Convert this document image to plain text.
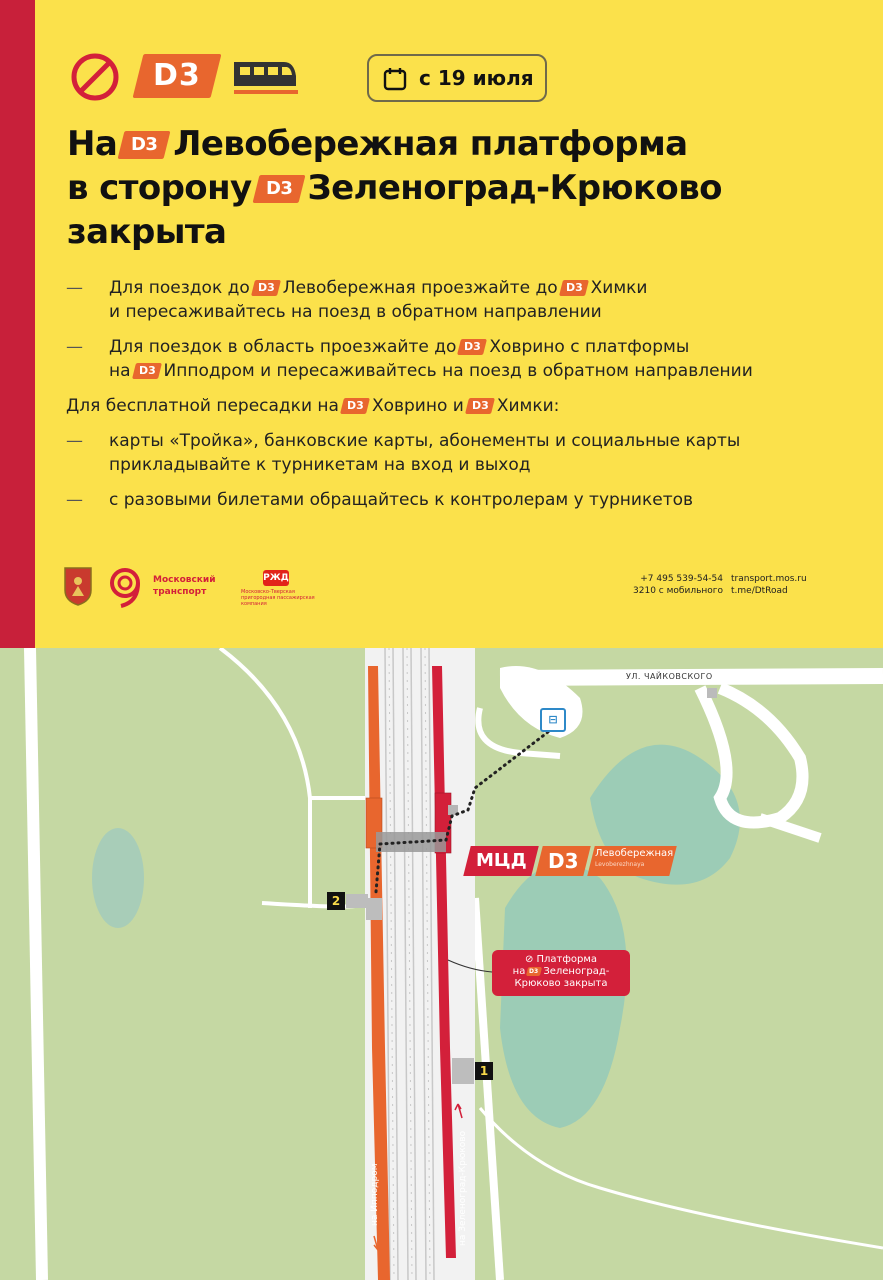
D3	с 19 июля
На D3 Левобережная платформа
в сторону D3 Зеленоград-Крюково
закрыта
— Для поездок до D3 Левобережная проезжайте до D3 Химки
и пересаживайтесь на поезд в обратном направлении
— Для поездок в область проезжайте до D3 Ховрино с платформы
на D3 Ипподром и пересаживайтесь на поезд в обратном направлении
Для бесплатной пересадки на D3 Ховрино и D3 Химки:
— карты «Тройка», банковские карты, абонементы и социальные карты прикладывайте к турникетам на вход и выход
— с разовыми билетами обращайтесь к контролерам у турникетов
Московский
транспорт
РЖД
Московско-Тверская пригородная пассажирская компания
+7 495 539-54-54
3210 с мобильного
transport.mos.ru
t.me/DtRoad
УЛ. ЧАЙКОВСКОГО
⊟
2
1
МЦД	D3	Левобережная
Levoberezhnaya
⊘ Платформа
на D3 Зеленоград-Крюково закрыта
на Ипподром	на Зеленоград-Крюково
